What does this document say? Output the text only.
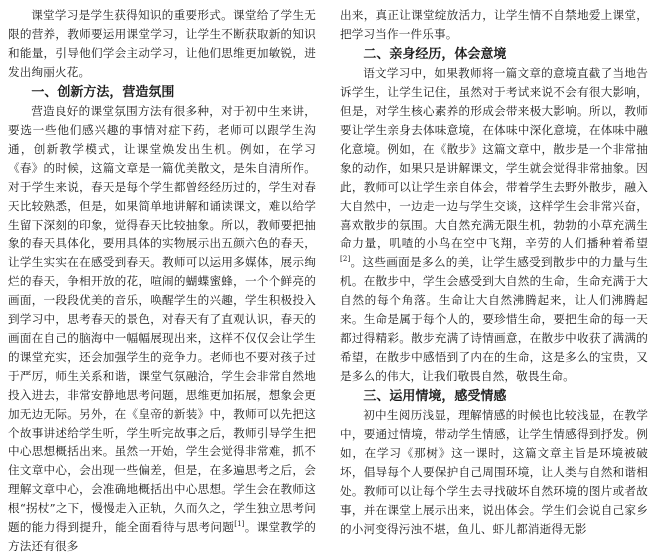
课堂学习是学生获得知识的重要形式。课堂给了学生无限的营养，教师要运用课堂学习，让学生不断获取新的知识和能量，引导他们学会主动学习，让他们思维更加敏锐，进发出绚丽火花。

一、创新方法，营造氛围

营造良好的课堂氛围方法有很多种，对于初中生来讲，要选一些他们感兴趣的事情对症下药，老师可以跟学生沟通，创新教学模式，让课堂焕发出生机。例如，在学习《春》的时候，这篇文章是一篇优美散文，是朱自清所作。对于学生来说，春天是每个学生都曾经经历过的，学生对春天比较熟悉，但是，如果简单地讲解和诵读课文，难以给学生留下深刻的印象，觉得春天比较抽象。所以，教师要把抽象的春天具体化，要用具体的实物展示出五颜六色的春天，让学生实实在在感受到春天。教师可以运用多媒体，展示绚烂的春天，争相开放的花，喧闹的蝴蝶蜜蜂，一个个鲜亮的画面，一段段优美的音乐，唤醒学生的兴趣，学生积极投入到学习中，思考春天的景色，对春天有了直观认识，春天的画面在自己的脑海中一幅幅展现出来，这样不仅仅会让学生的课堂充实，还会加强学生的竞争力。老师也不要对孩子过于严厉，师生关系和谐，课堂气氛融洽，学生会非常自然地投入进去，非常安静地思考问题，思维更加拓展，想象会更加无边无际。另外，在《皇帝的新装》中，教师可以先把这个故事讲述给学生听，学生听完故事之后，教师引导学生把中心思想概括出来。虽然一开始，学生会觉得非常难，抓不住文章中心，会出现一些偏差，但是，在多遍思考之后，会理解文章中心，会准确地概括出中心思想。学生会在教师这根“拐杖”之下，慢慢走入正轨，久而久之，学生独立思考问题的能力得到提升，能全面看待与思考问题[1]。课堂教学的方法还有很多

出来，真正让课堂绽放活力，让学生情不自禁地爱上课堂，把学习当作一件乐事。

二、亲身经历，体会意境

语文学习中，如果教师将一篇文章的意境直截了当地告诉学生，让学生记住，虽然对于考试来说不会有很大影响，但是，对学生核心素养的形成会带来极大影响。所以，教师要让学生亲身去体味意境，在体味中深化意境，在体味中融化意境。例如，在《散步》这篇文章中，散步是一个非常抽象的动作，如果只是讲解课文，学生就会觉得非常抽象。因此，教师可以让学生亲自体会，带着学生去野外散步，融入大自然中，一边走一边与学生交谈，这样学生会非常兴奋，喜欢散步的氛围。大自然充满无限生机，勃勃的小草充满生命力量，叽喳的小鸟在空中飞翔，辛劳的人们播种着希望[2]。这些画面是多么的美，让学生感受到散步中的力量与生机。在散步中，学生会感受到大自然的生命，生命充满于大自然的每个角落。生命让大自然沸腾起来，让人们沸腾起来。生命是属于每个人的，要珍惜生命，要把生命的每一天都过得精彩。散步充满了诗情画意，在散步中收获了满满的希望，在散步中感悟到了内在的生命，这是多么的宝贵，又是多么的伟大，让我们敬畏自然，敬畏生命。

三、运用情境，感受情感

初中生阅历浅显，理解情感的时候也比较浅显，在教学中，要通过情境，带动学生情感，让学生情感得到抒发。例如，在学习《那树》这一课时，这篇文章主旨是环境被破坏，倡导每个人要保护自己周围环境，让人类与自然和谐相处。教师可以让每个学生去寻找破坏自然环境的图片或者故事，并在课堂上展示出来，说出体会。学生们会说自己家乡的小河变得污浊不堪，鱼儿、虾儿都消逝得无影
